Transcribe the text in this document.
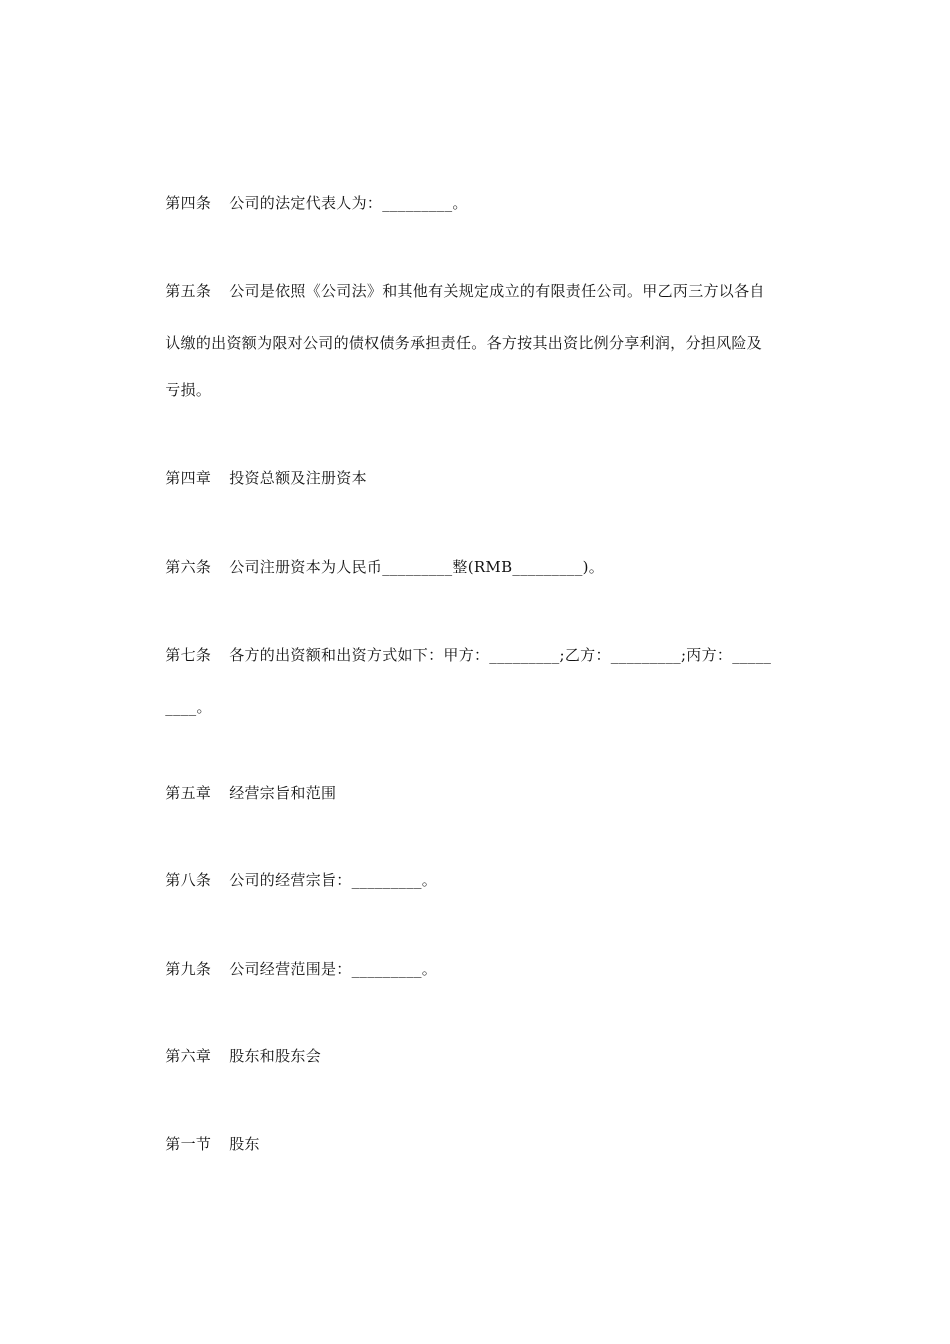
第四条 公司的法定代表人为：_________。

第五条 公司是依照《公司法》和其他有关规定成立的有限责任公司。甲乙丙三方以各自

认缴的出资额为限对公司的债权债务承担责任。各方按其出资比例分享利润，分担风险及

亏损。

第四章 投资总额及注册资本

第六条 公司注册资本为人民币_________整(RMB_________)。

第七条 各方的出资额和出资方式如下：甲方：_________;乙方：_________;丙方：_____

____。

第五章 经营宗旨和范围

第八条 公司的经营宗旨：_________。

第九条 公司经营范围是：_________。

第六章 股东和股东会

第一节 股东
